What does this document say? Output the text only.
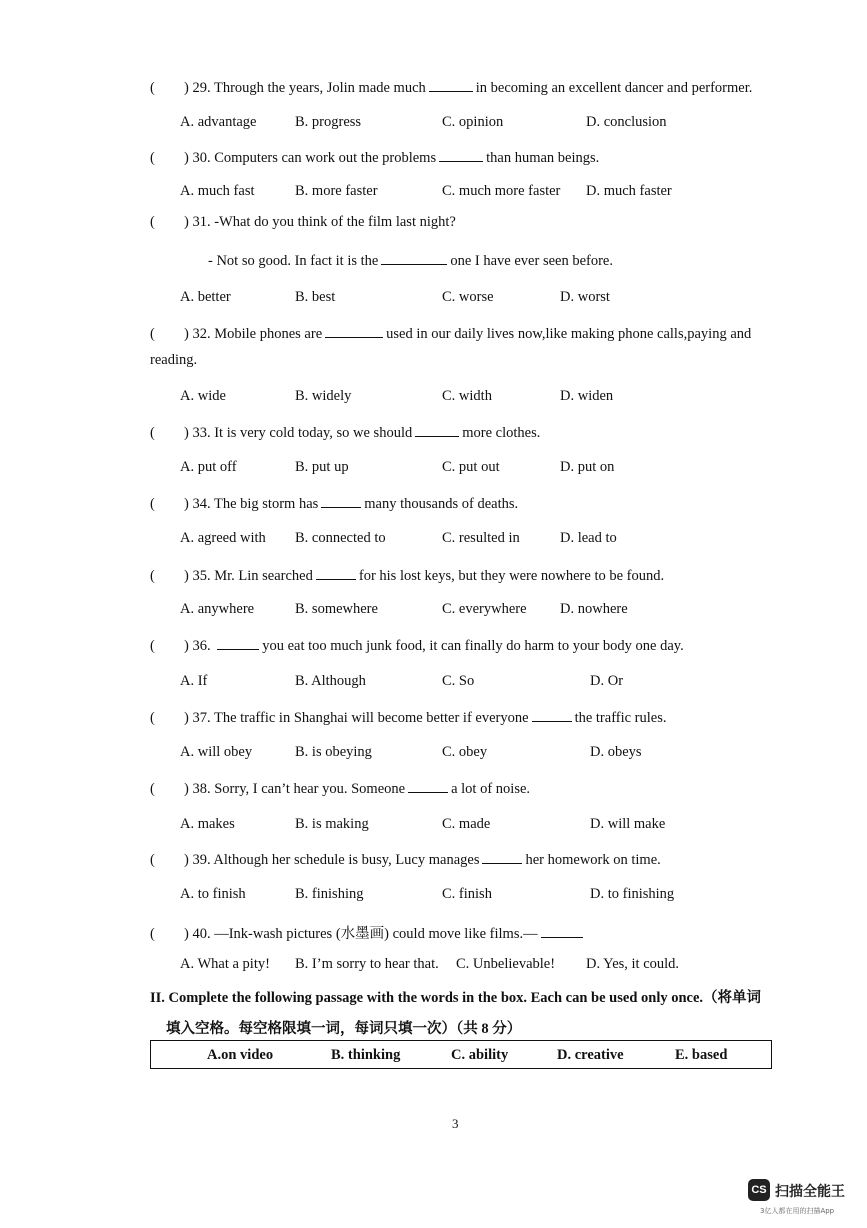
( ) 29. Through the years, Jolin made much	in becoming an excellent dancer and performer.
A. advantage	B. progress	C. opinion	D. conclusion
( ) 30. Computers can work out the problems	than human beings.
A. much fast	B. more faster	C. much more faster D. much faster
( ) 31. -What do you think of the film last night?
- Not so good. In fact it is the	one I have ever seen before.
A. better	B. best	C. worse	D. worst
( ) 32. Mobile phones are	used in our daily lives now,like making phone calls,paying and
reading.
A. wide	B. widely	C. width	D. widen
( ) 33. It is very cold today, so we should	more clothes.
A. put off	B. put up	C. put out	D. put on
( ) 34. The big storm has	many thousands of deaths.
A. agreed with B. connected to	C. resulted in	D. lead to
( ) 35. Mr. Lin searched	for his lost keys, but they were nowhere to be found.
A. anywhere	B. somewhere	C. everywhere D. nowhere
( ) 36.	you eat too much junk food, it can finally do harm to your body one day.
A. If	B. Although	C. So	D. Or
( ) 37. The traffic in Shanghai will become better if everyone	the traffic rules.
A. will obey	B. is obeying	C. obey	D. obeys
( ) 38. Sorry, I can’t hear you. Someone	a lot of noise.
A. makes	B. is making	C. made	D. will make
( ) 39. Although her schedule is busy, Lucy manages	her homework on time.
A. to finish	B. finishing	C. finish	D. to finishing
( ) 40. —Ink-wash pictures (水墨画) could move like films.—
A. What a pity! B. I’m sorry to hear that. C. Unbelievable! D. Yes, it could.
II. Complete the following passage with the words in the box. Each can be used only once.（将单词
填入空格。每空格限填一词，每词只填一次）（共 8 分）
A.on video	B. thinking	C. ability	D. creative	E. based
3
CS 扫描全能王
3亿人都在用的扫描App
